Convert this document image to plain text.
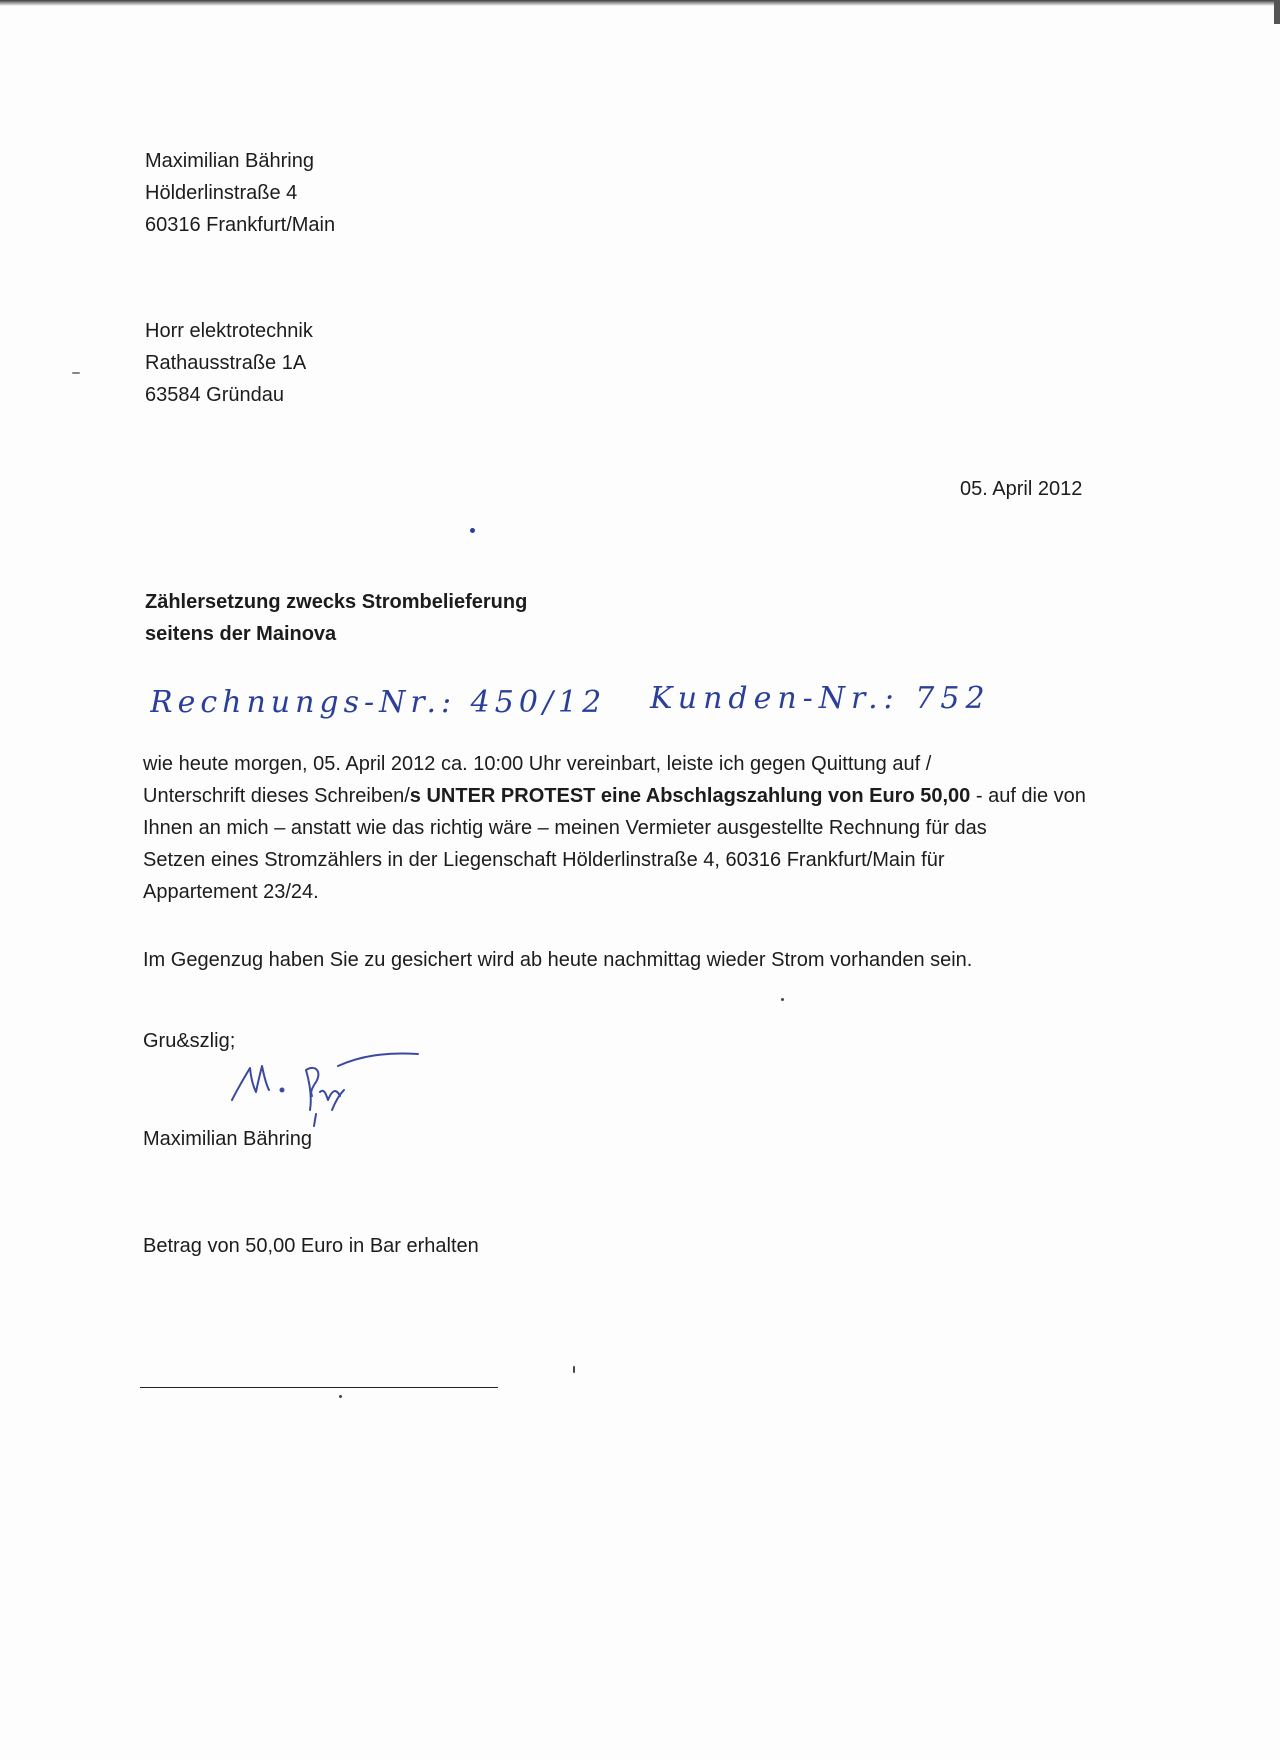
Maximilian Bähring
Hölderlinstraße 4
60316 Frankfurt/Main
Horr elektrotechnik
Rathausstraße 1A
63584 Gründau
05. April 2012
Zählersetzung zwecks Strombelieferung
seitens der Mainova
Rechnungs-Nr.: 450/12 Kunden-Nr.: 752
wie heute morgen, 05. April 2012 ca. 10:00 Uhr vereinbart, leiste ich gegen Quittung auf /
Unterschrift dieses Schreiben/s UNTER PROTEST eine Abschlagszahlung von Euro 50,00 - auf die von
Ihnen an mich – anstatt wie das richtig wäre – meinen Vermieter ausgestellte Rechnung für das
Setzen eines Stromzählers in der Liegenschaft Hölderlinstraße 4, 60316 Frankfurt/Main für
Appartement 23/24.
Im Gegenzug haben Sie zu gesichert wird ab heute nachmittag wieder Strom vorhanden sein.
Gru&szlig;
Maximilian Bähring
Betrag von 50,00 Euro in Bar erhalten
